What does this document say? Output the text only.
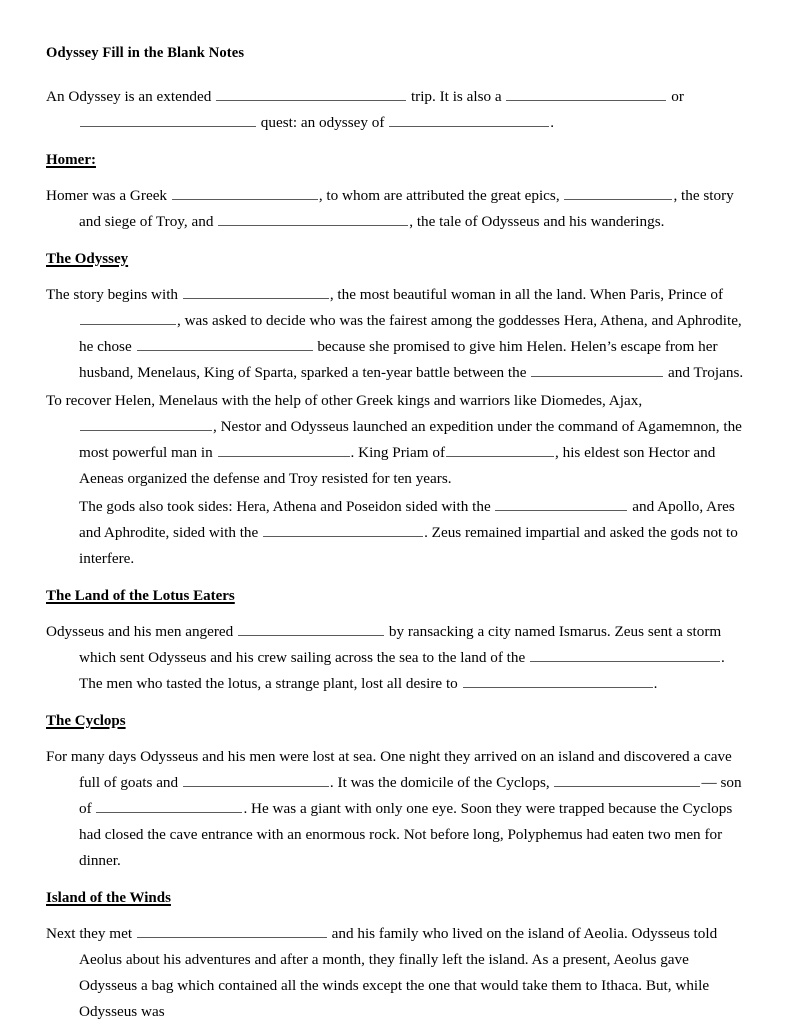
Odyssey Fill in the Blank Notes
An Odyssey is an extended	trip. It is also a	or
quest: an odyssey of	.
Homer:
Homer was a Greek	, to whom are attributed the great epics,	, the story and siege of Troy, and	, the tale of Odysseus and his wanderings.
The Odyssey
The story begins with	, the most beautiful woman in all the land. When Paris, Prince of , was asked to decide who was the fairest among the goddesses Hera, Athena, and Aphrodite, he chose	because she promised to give him Helen. Helen’s escape from her husband, Menelaus, King of Sparta, sparked a ten-year battle between the	and Trojans.
To recover Helen, Menelaus with the help of other Greek kings and warriors like Diomedes, Ajax,
, Nestor and Odysseus launched an expedition under the command of Agamemnon, the most powerful man in	. King Priam of	, his eldest son Hector and Aeneas organized the defense and Troy resisted for ten years.
The gods also took sides: Hera, Athena and Poseidon sided with the	and Apollo, Ares and Aphrodite, sided with the	. Zeus remained impartial and asked the gods not to interfere.
The Land of the Lotus Eaters
Odysseus and his men angered	by ransacking a city named Ismarus. Zeus sent a storm which sent Odysseus and his crew sailing across the sea to the land of the	. The men who tasted the lotus, a strange plant, lost all desire to	.
The Cyclops
For many days Odysseus and his men were lost at sea. One night they arrived on an island and discovered a cave full of goats and	. It was the domicile of the Cyclops,	— son of	. He was a giant with only one eye. Soon they were trapped because the Cyclops had closed the cave entrance with an enormous rock. Not before long, Polyphemus had eaten two men for dinner.
Island of the Winds
Next they met	and his family who lived on the island of Aeolia. Odysseus told Aeolus about his adventures and after a month, they finally left the island. As a present, Aeolus gave Odysseus a bag which contained all the winds except the one that would take them to Ithaca. But, while Odysseus was
